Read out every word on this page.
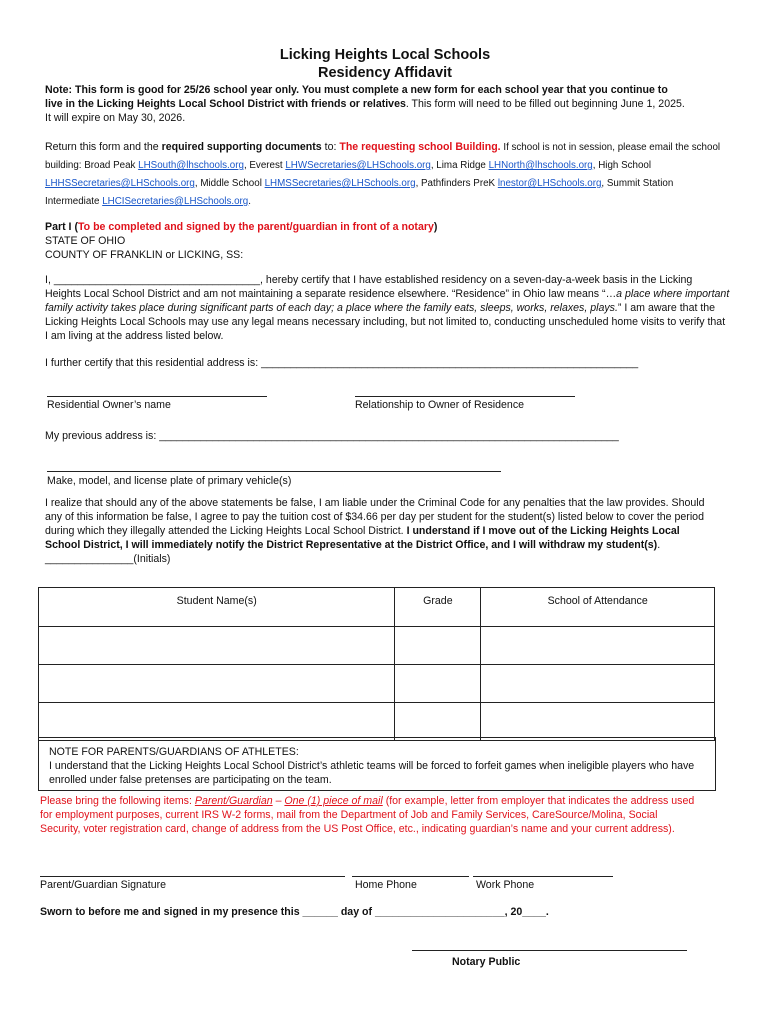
Licking Heights Local Schools
Residency Affidavit
Note: This form is good for 25/26 school year only. You must complete a new form for each school year that you continue to live in the Licking Heights Local School District with friends or relatives. This form will need to be filled out beginning June 1, 2025. It will expire on May 30, 2026.
Return this form and the required supporting documents to: The requesting school Building. If school is not in session, please email the school building: Broad Peak LHSouth@lhschools.org, Everest LHWSecretaries@LHSchools.org, Lima Ridge LHNorth@lhschools.org, High School LHHSSecretaries@LHSchools.org, Middle School LHMSSecretaries@LHSchools.org, Pathfinders PreK lnestor@LHSchools.org, Summit Station Intermediate LHCISecretaries@LHSchools.org.
Part I (To be completed and signed by the parent/guardian in front of a notary)
STATE OF OHIO
COUNTY OF FRANKLIN or LICKING, SS:
I, ___________________________________, hereby certify that I have established residency on a seven-day-a-week basis in the Licking Heights Local School District and am not maintaining a separate residence elsewhere. “Residence” in Ohio law means “…a place where important family activity takes place during significant parts of each day; a place where the family eats, sleeps, works, relaxes, plays.” I am aware that the Licking Heights Local Schools may use any legal means necessary including, but not limited to, conducting unscheduled home visits to verify that I am living at the address listed below.
I further certify that this residential address is: ________________________________________________________________
Residential Owner’s name	Relationship to Owner of Residence
My previous address is: ______________________________________________________________________________
Make, model, and license plate of primary vehicle(s)
I realize that should any of the above statements be false, I am liable under the Criminal Code for any penalties that the law provides. Should any of this information be false, I agree to pay the tuition cost of $34.66 per day per student for the student(s) listed below to cover the period during which they illegally attended the Licking Heights Local School District. I understand if I move out of the Licking Heights Local School District, I will immediately notify the District Representative at the District Office, and I will withdraw my student(s). _______________(Initials)
Student Name(s)	Grade	School of Attendance

NOTE FOR PARENTS/GUARDIANS OF ATHLETES:
I understand that the Licking Heights Local School District’s athletic teams will be forced to forfeit games when ineligible players who have enrolled under false pretenses are participating on the team.
Please bring the following items: Parent/Guardian – One (1) piece of mail (for example, letter from employer that indicates the address used for employment purposes, current IRS W-2 forms, mail from the Department of Job and Family Services, CareSource/Molina, Social Security, voter registration card, change of address from the US Post Office, etc., indicating guardian’s name and your current address).
Parent/Guardian Signature	Home Phone	Work Phone
Sworn to before me and signed in my presence this ______ day of ______________________, 20____.
Notary Public
